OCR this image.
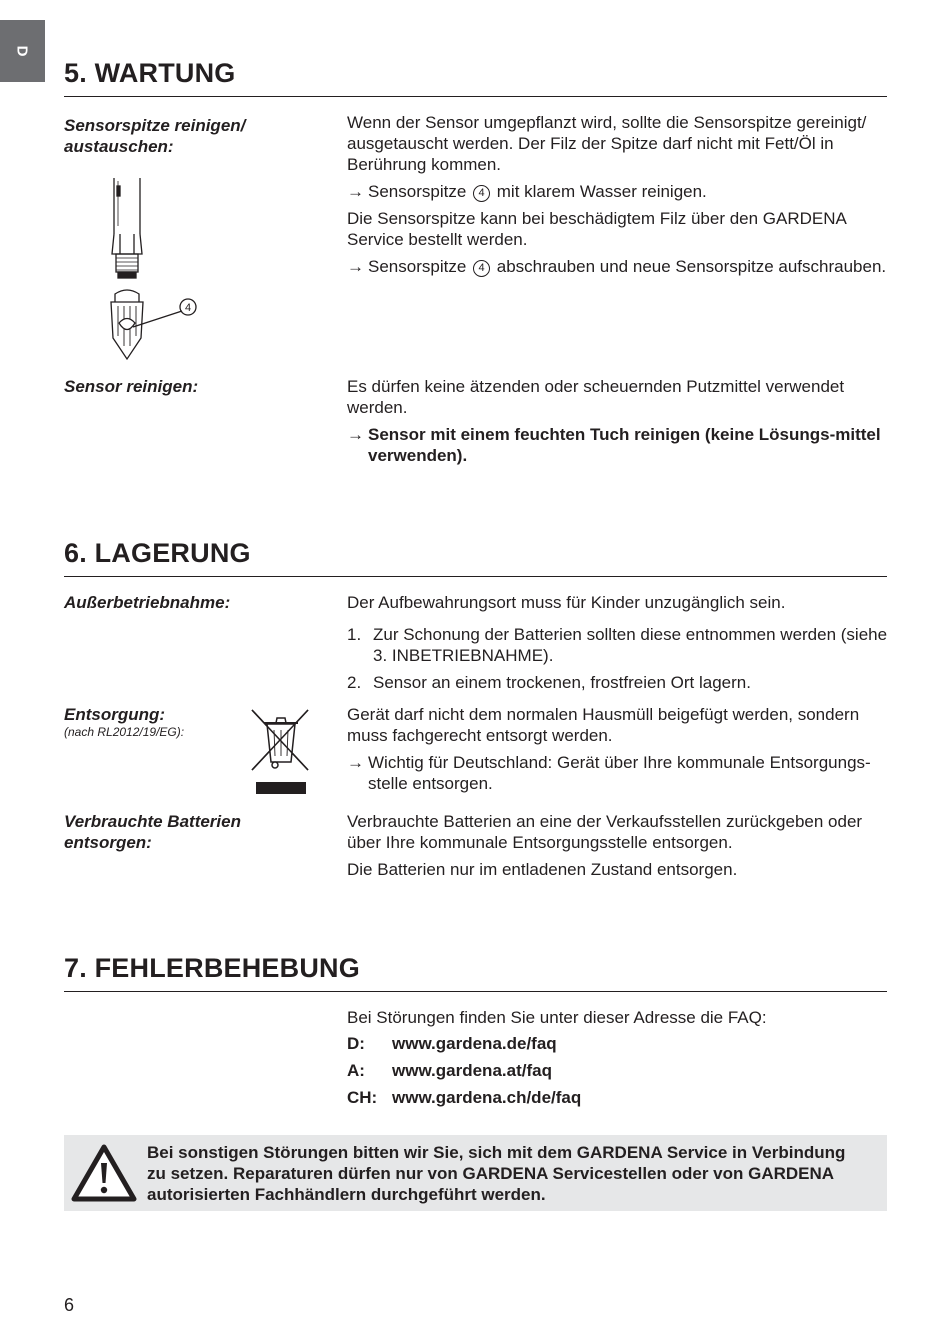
D
5. WARTUNG
Sensorspitze reinigen/
austauschen:
4
Wenn der Sensor umgepflanzt wird, sollte die Sensorspitze gereinigt/ ausgetauscht werden. Der Filz der Spitze darf nicht mit Fett/Öl in Berührung kommen.
→ Sensorspitze 4 mit klarem Wasser reinigen.
Die Sensorspitze kann bei beschädigtem Filz über den GARDENA Service bestellt werden.
→ Sensorspitze 4 abschrauben und neue Sensorspitze aufschrauben.
Sensor reinigen:	Es dürfen keine ätzenden oder scheuernden Putzmittel verwendet werden.
→ Sensor mit einem feuchten Tuch reinigen (keine Lösungs-mittel verwenden).
6. LAGERUNG
Außerbetriebnahme:	Der Aufbewahrungsort muss für Kinder unzugänglich sein.
1. Zur Schonung der Batterien sollten diese entnommen werden (siehe 3. INBETRIEBNAHME).
2. Sensor an einem trockenen, frostfreien Ort lagern.
Entsorgung:
(nach RL2012/19/EG):
Gerät darf nicht dem normalen Hausmüll beigefügt werden, sondern muss fachgerecht entsorgt werden.
→ Wichtig für Deutschland: Gerät über Ihre kommunale Entsorgungs-stelle entsorgen.
Verbrauchte Batterien
entsorgen:
Verbrauchte Batterien an eine der Verkaufsstellen zurückgeben oder über Ihre kommunale Entsorgungsstelle entsorgen.
Die Batterien nur im entladenen Zustand entsorgen.
7. FEHLERBEHEBUNG
Bei Störungen finden Sie unter dieser Adresse die FAQ:
D: www.gardena.de/faq
A: www.gardena.at/faq
CH: www.gardena.ch/de/faq
Bei sonstigen Störungen bitten wir Sie, sich mit dem GARDENA Service in Verbindung zu setzen. Reparaturen dürfen nur von GARDENA Servicestellen oder von GARDENA autorisierten Fachhändlern durchgeführt werden.
6
